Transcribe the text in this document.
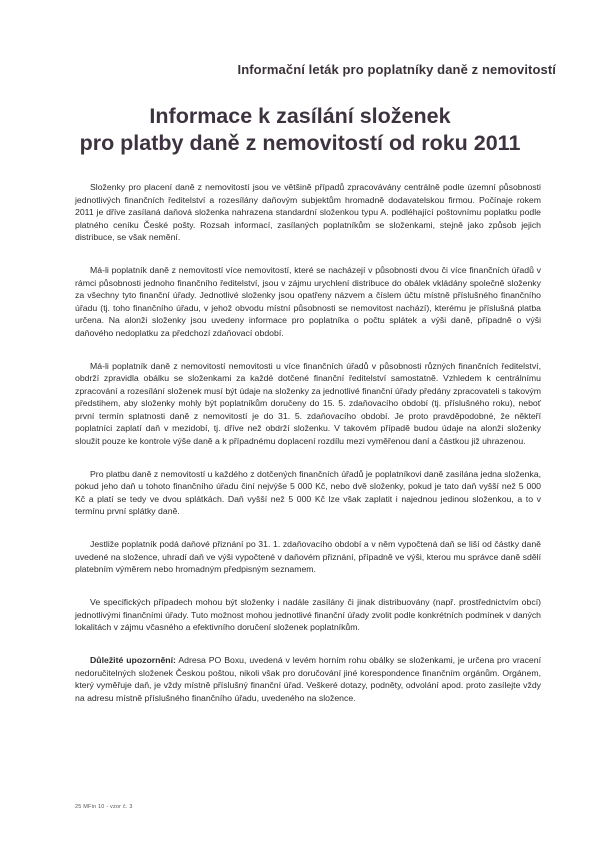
Informační leták pro poplatníky daně z nemovitostí
Informace k zasílání složenek
pro platby daně z nemovitostí od roku 2011

Složenky pro placení daně z nemovitostí jsou ve většině případů zpracovávány centrálně podle územní působnosti jednotlivých finančních ředitelství a rozesílány daňovým subjektům hromadně dodavatelskou firmou. Počínaje rokem 2011 je dříve zasílaná daňová složenka nahrazena standardní složenkou typu A. podléhající poštovnímu poplatku podle platného ceníku České pošty. Rozsah informací, zasílaných poplatníkům se složenkami, stejně jako způsob jejich distribuce, se však nemění.

Má-li poplatník daně z nemovitostí více nemovitostí, které se nacházejí v působnosti dvou či více finančních úřadů v rámci působnosti jednoho finančního ředitelství, jsou v zájmu urychlení distribuce do obálek vkládány společně složenky za všechny tyto finanční úřady. Jednotlivé složenky jsou opatřeny názvem a číslem účtu místně příslušného finančního úřadu (tj. toho finančního úřadu, v jehož obvodu místní působnosti se nemovitost nachází), kterému je příslušná platba určena. Na alonži složenky jsou uvedeny informace pro poplatníka o počtu splátek a výši daně, případně o výši daňového nedoplatku za předchozí zdaňovací období.

Má-li poplatník daně z nemovitostí nemovitosti u více finančních úřadů v působnosti různých finančních ředitelství, obdrží zpravidla obálku se složenkami za každé dotčené finanční ředitelství samostatně. Vzhledem k centrálnímu zpracování a rozesílání složenek musí být údaje na složenky za jednotlivé finanční úřady předány zpracovateli s takovým předstihem, aby složenky mohly být poplatníkům doručeny do 15. 5. zdaňovacího období (tj. příslušného roku), neboť první termín splatnosti daně z nemovitostí je do 31. 5. zdaňovacího období. Je proto pravděpodobné, že někteří poplatníci zaplatí daň v mezidobí, tj. dříve než obdrží složenku. V takovém případě budou údaje na alonži složenky sloužit pouze ke kontrole výše daně a k případnému doplacení rozdílu mezi vyměřenou daní a částkou již uhrazenou.

Pro platbu daně z nemovitostí u každého z dotčených finančních úřadů je poplatníkovi daně zasílána jedna složenka, pokud jeho daň u tohoto finančního úřadu činí nejvýše 5 000 Kč, nebo dvě složenky, pokud je tato daň vyšší než 5 000 Kč a platí se tedy ve dvou splátkách. Daň vyšší než 5 000 Kč lze však zaplatit i najednou jedinou složenkou, a to v termínu první splátky daně.

Jestliže poplatník podá daňové přiznání po 31. 1. zdaňovacího období a v něm vypočtená daň se liší od částky daně uvedené na složence, uhradí daň ve výši vypočtené v daňovém přiznání, případně ve výši, kterou mu správce daně sdělí platebním výměrem nebo hromadným předpisným seznamem.

Ve specifických případech mohou být složenky i nadále zasílány či jinak distribuovány (např. prostřednictvím obcí) jednotlivými finančními úřady. Tuto možnost mohou jednotlivé finanční úřady zvolit podle konkrétních podmínek v daných lokalitách v zájmu včasného a efektivního doručení složenek poplatníkům.

Důležité upozornění: Adresa PO Boxu, uvedená v levém horním rohu obálky se složenkami, je určena pro vracení nedoručitelných složenek Českou poštou, nikoli však pro doručování jiné korespondence finančním orgánům. Orgánem, který vyměřuje daň, je vždy místně příslušný finanční úřad. Veškeré dotazy, podněty, odvolání apod. proto zasílejte vždy na adresu místně příslušného finančního úřadu, uvedeného na složence.

25 MFin 10 - vzor č. 3
